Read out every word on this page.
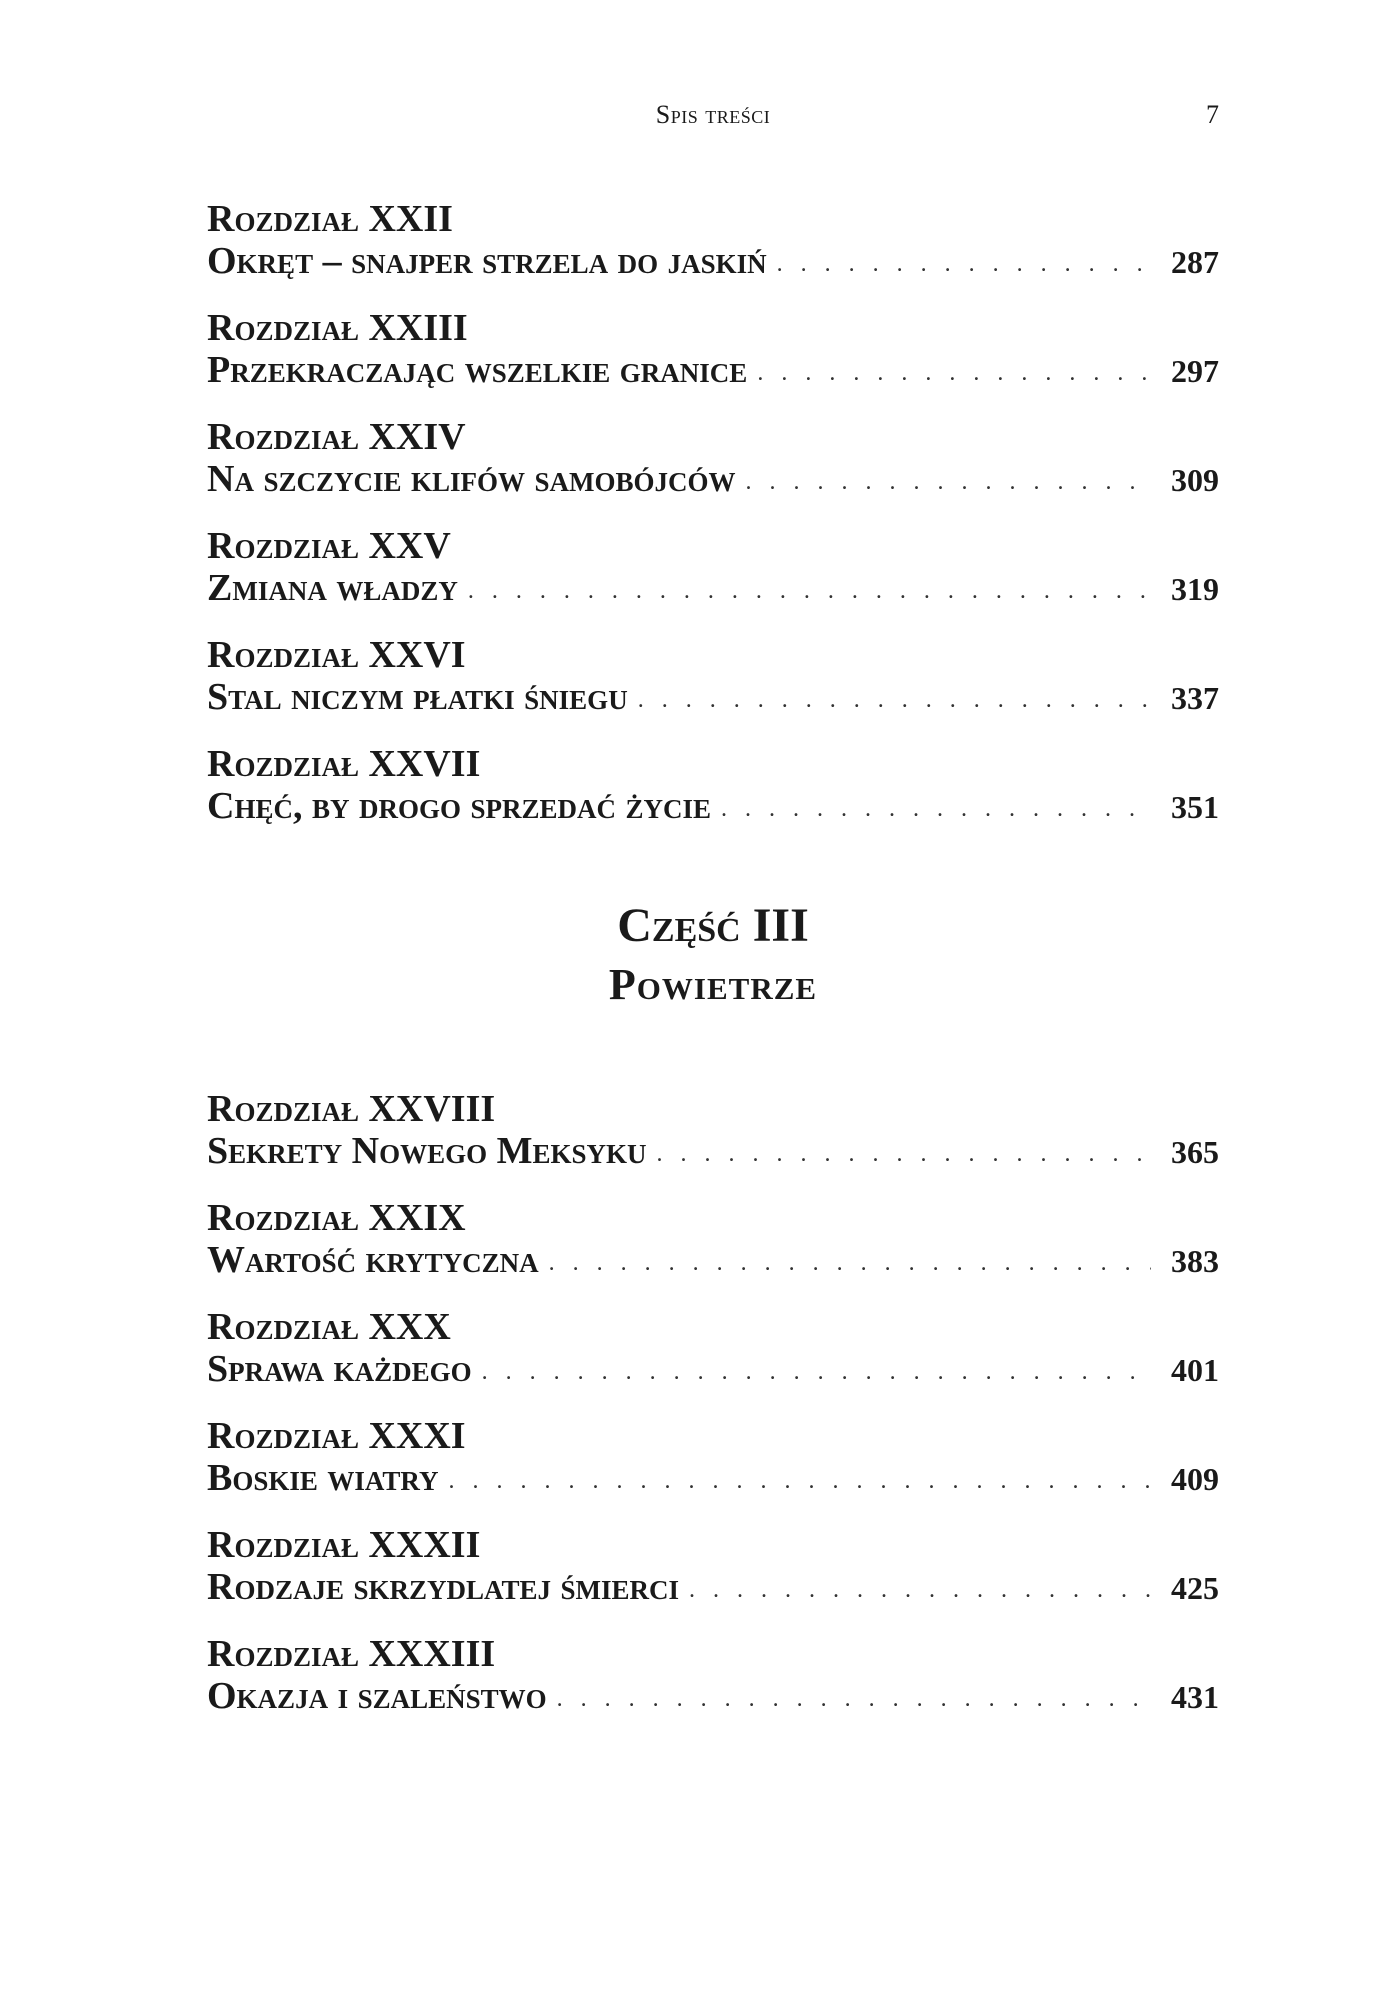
Spis treści	7
Rozdział XXII
Okręt – snajper strzela do jaskiń . . .	287
Rozdział XXIII
Przekraczając wszelkie granice . . .	297
Rozdział XXIV
Na szczycie klifów samobójców . . .	309
Rozdział XXV
Zmiana władzy . . .	319
Rozdział XXVI
Stal niczym płatki śniegu . . .	337
Rozdział XXVII
Chęć, by drogo sprzedać życie . . .	351
Część III
Powietrze
Rozdział XXVIII
Sekrety Nowego Meksyku . . .	365
Rozdział XXIX
Wartość krytyczna . . .	383
Rozdział XXX
Sprawa każdego . . .	401
Rozdział XXXI
Boskie wiatry . . .	409
Rozdział XXXII
Rodzaje skrzydlatej śmierci . . .	425
Rozdział XXXIII
Okazja i szaleństwo . . .	431
